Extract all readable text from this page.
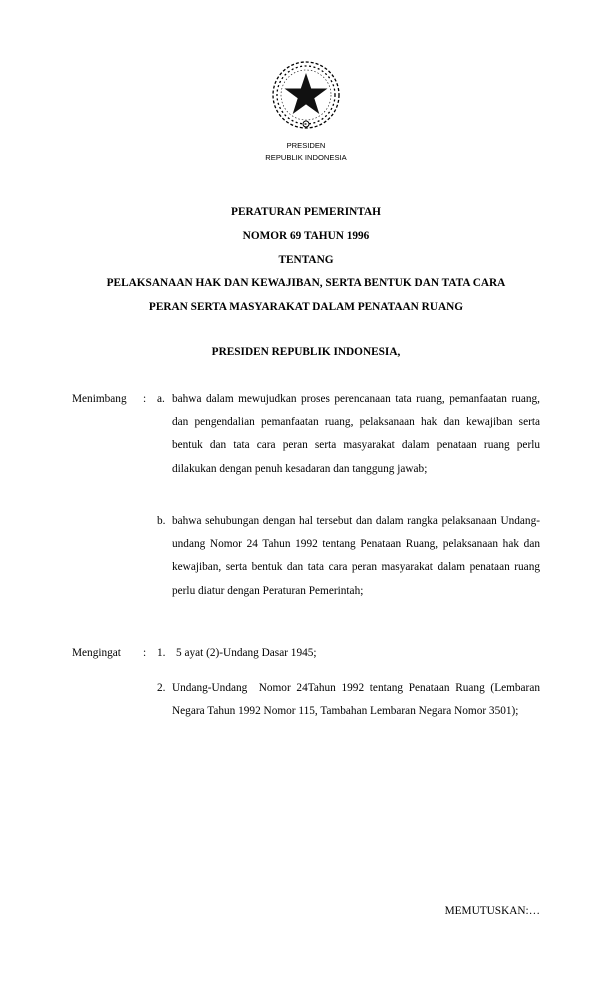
PRESIDEN
REPUBLIK INDONESIA
PERATURAN PEMERINTAH
NOMOR 69 TAHUN 1996
TENTANG
PELAKSANAAN HAK DAN KEWAJIBAN, SERTA BENTUK DAN TATA CARA
PERAN SERTA MASYARAKAT DALAM PENATAAN RUANG
PRESIDEN REPUBLIK INDONESIA,
Menimbang : a. bahwa dalam mewujudkan proses perencanaan tata ruang, pemanfaatan ruang, dan pengendalian pemanfaatan ruang, pelaksanaan hak dan kewajiban serta bentuk dan tata cara peran serta masyarakat dalam penataan ruang perlu dilakukan dengan penuh kesadaran dan tanggung jawab;
b. bahwa sehubungan dengan hal tersebut dan dalam rangka pelaksanaan Undang-undang Nomor 24 Tahun 1992 tentang Penataan Ruang, pelaksanaan hak dan kewajiban, serta bentuk dan tata cara peran masyarakat dalam penataan ruang perlu diatur dengan Peraturan Pemerintah;
Mengingat : 1. 5 ayat (2)-Undang Dasar 1945;
2. Undang-Undang  Nomor 24Tahun 1992 tentang Penataan Ruang (Lembaran Negara Tahun 1992 Nomor 115, Tambahan Lembaran Negara Nomor 3501);
MEMUTUSKAN:…
